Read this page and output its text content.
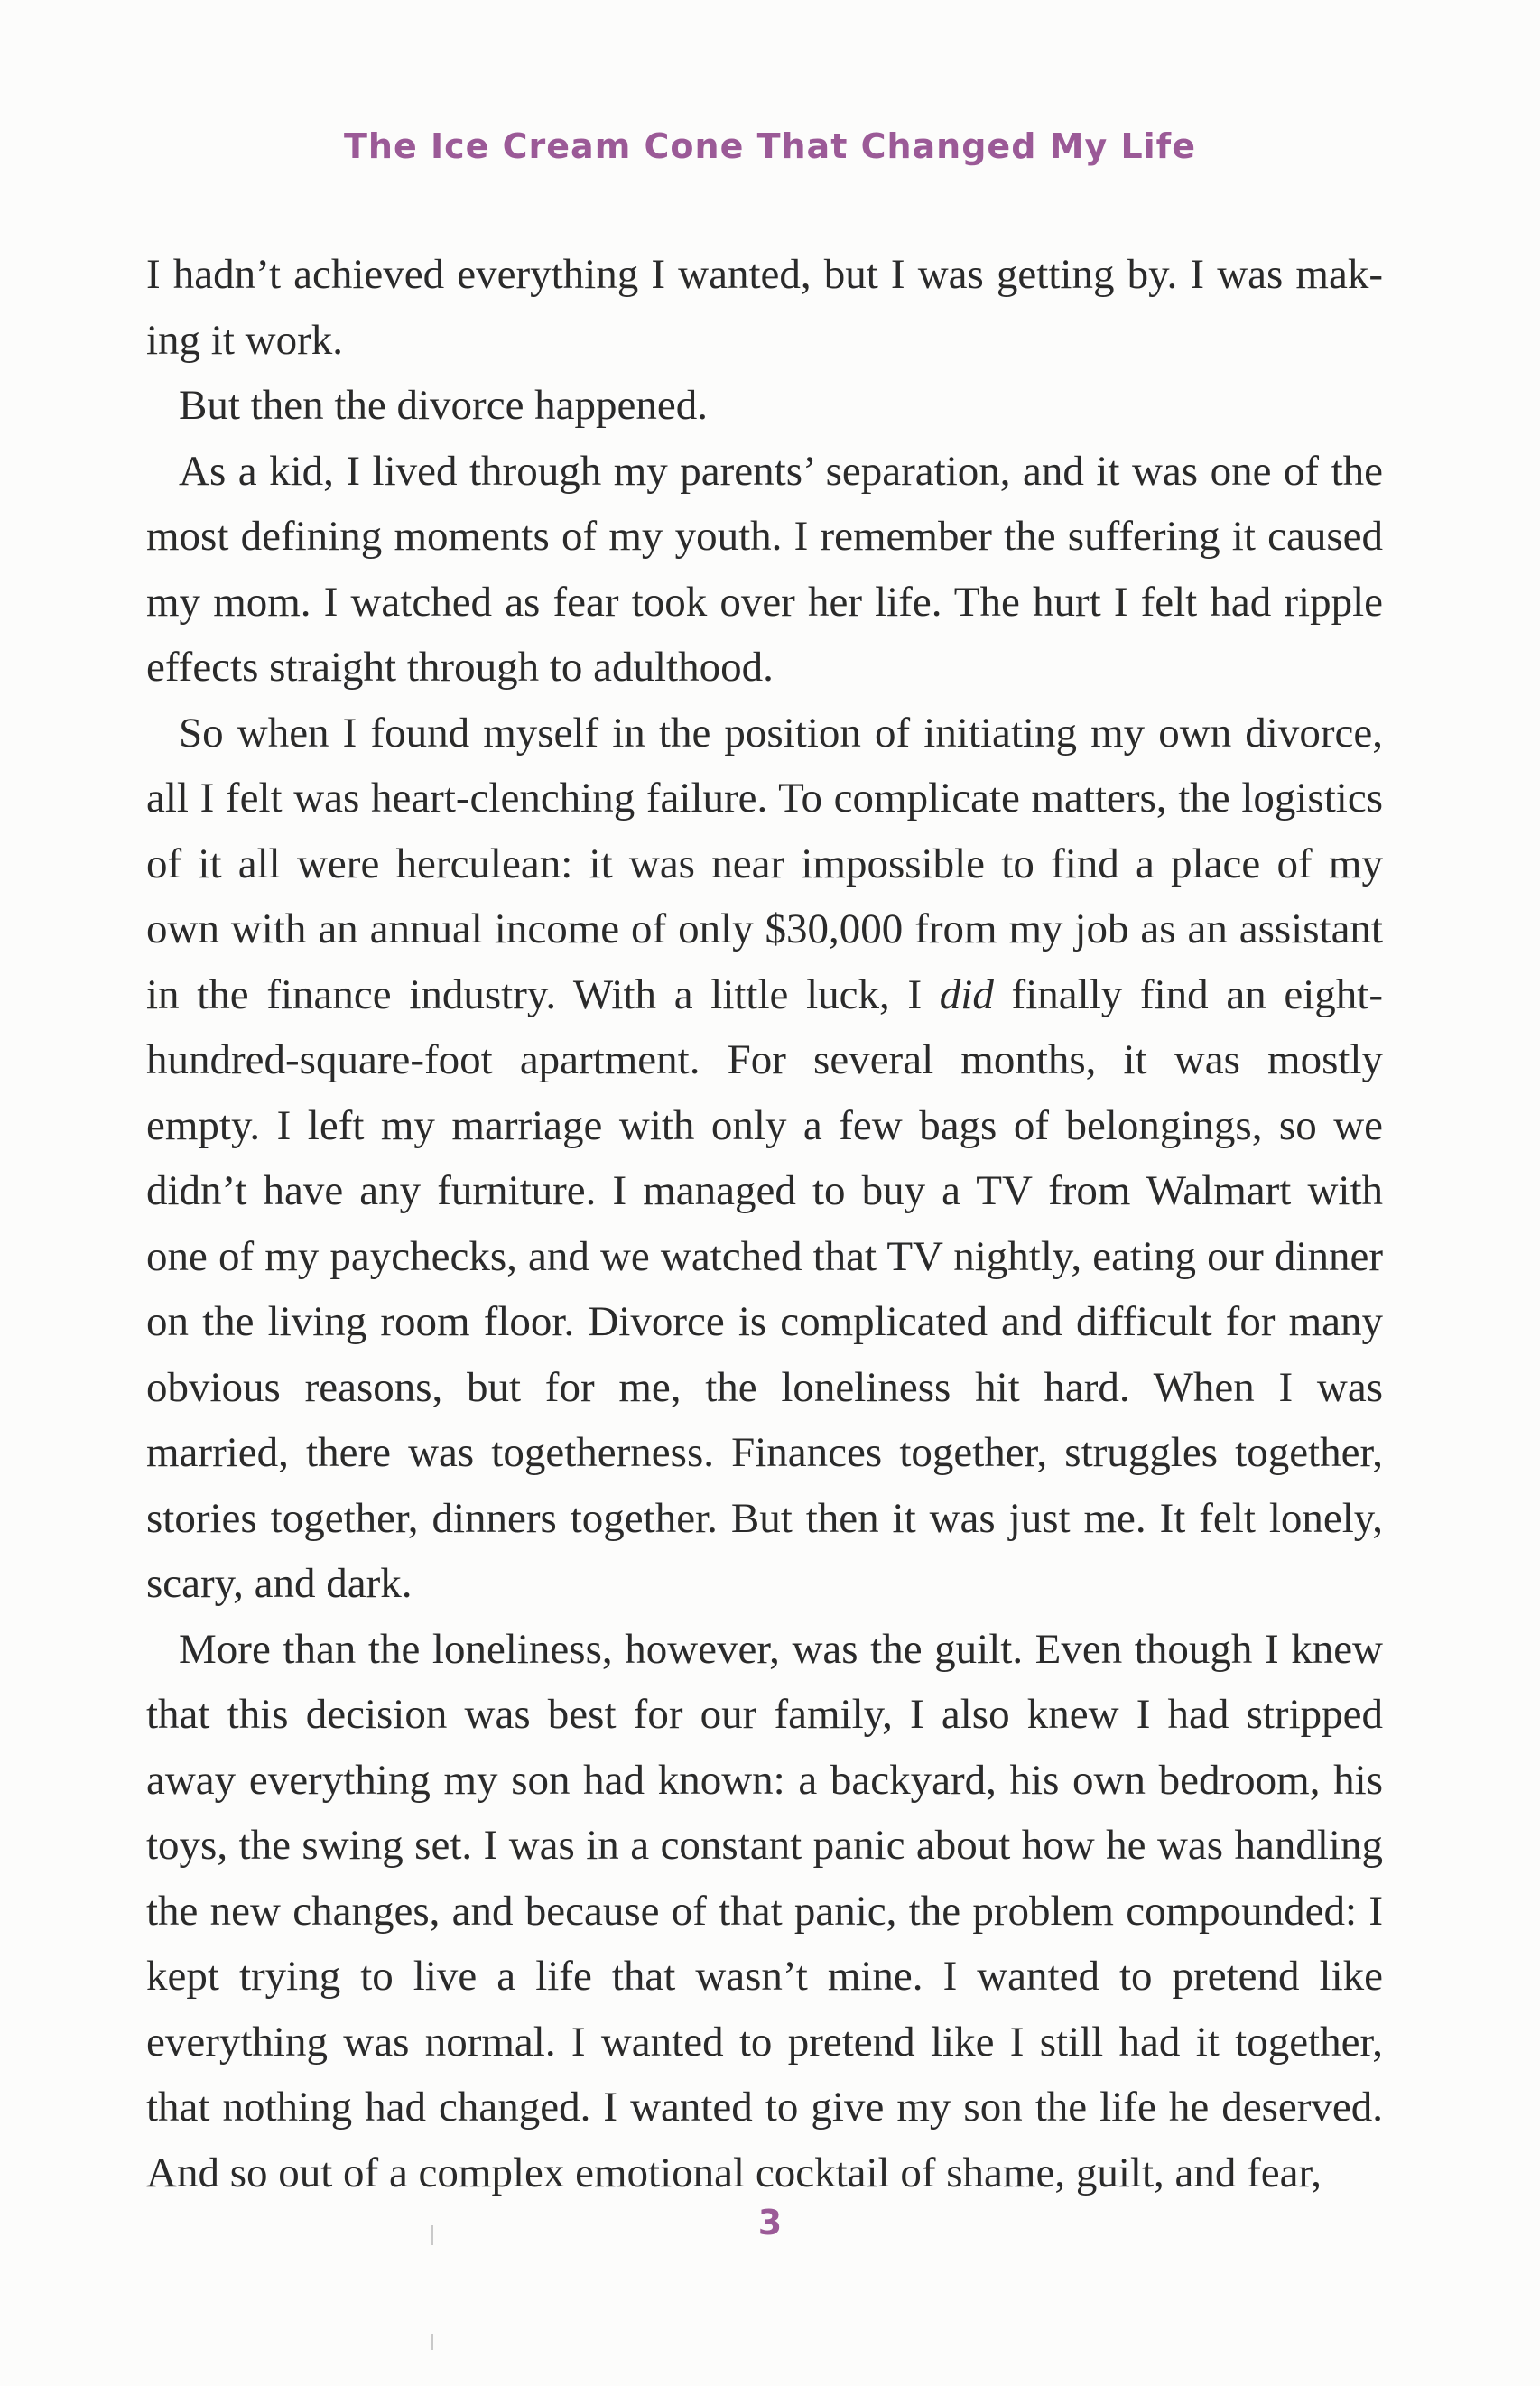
The Ice Cream Cone That Changed My Life

I hadn’t achieved everything I wanted, but I was getting by. I was making it work.

But then the divorce happened.

As a kid, I lived through my parents’ separation, and it was one of the most defining moments of my youth. I remember the suffering it caused my mom. I watched as fear took over her life. The hurt I felt had ripple effects straight through to adulthood.

So when I found myself in the position of initiating my own divorce, all I felt was heart-clenching failure. To complicate matters, the logistics of it all were herculean: it was near impossible to find a place of my own with an annual income of only $30,000 from my job as an assistant in the finance industry. With a little luck, I did finally find an eight-hundred-square-foot apartment. For several months, it was mostly empty. I left my marriage with only a few bags of belongings, so we didn’t have any furniture. I managed to buy a TV from Walmart with one of my paychecks, and we watched that TV nightly, eating our dinner on the living room floor. Divorce is complicated and difficult for many obvious reasons, but for me, the loneliness hit hard. When I was married, there was togetherness. Finances together, struggles together, stories together, dinners together. But then it was just me. It felt lonely, scary, and dark.

More than the loneliness, however, was the guilt. Even though I knew that this decision was best for our family, I also knew I had stripped away everything my son had known: a backyard, his own bedroom, his toys, the swing set. I was in a constant panic about how he was handling the new changes, and because of that panic, the problem compounded: I kept trying to live a life that wasn’t mine. I wanted to pretend like everything was normal. I wanted to pretend like I still had it together, that nothing had changed. I wanted to give my son the life he deserved. And so out of a complex emotional cocktail of shame, guilt, and fear,

3
